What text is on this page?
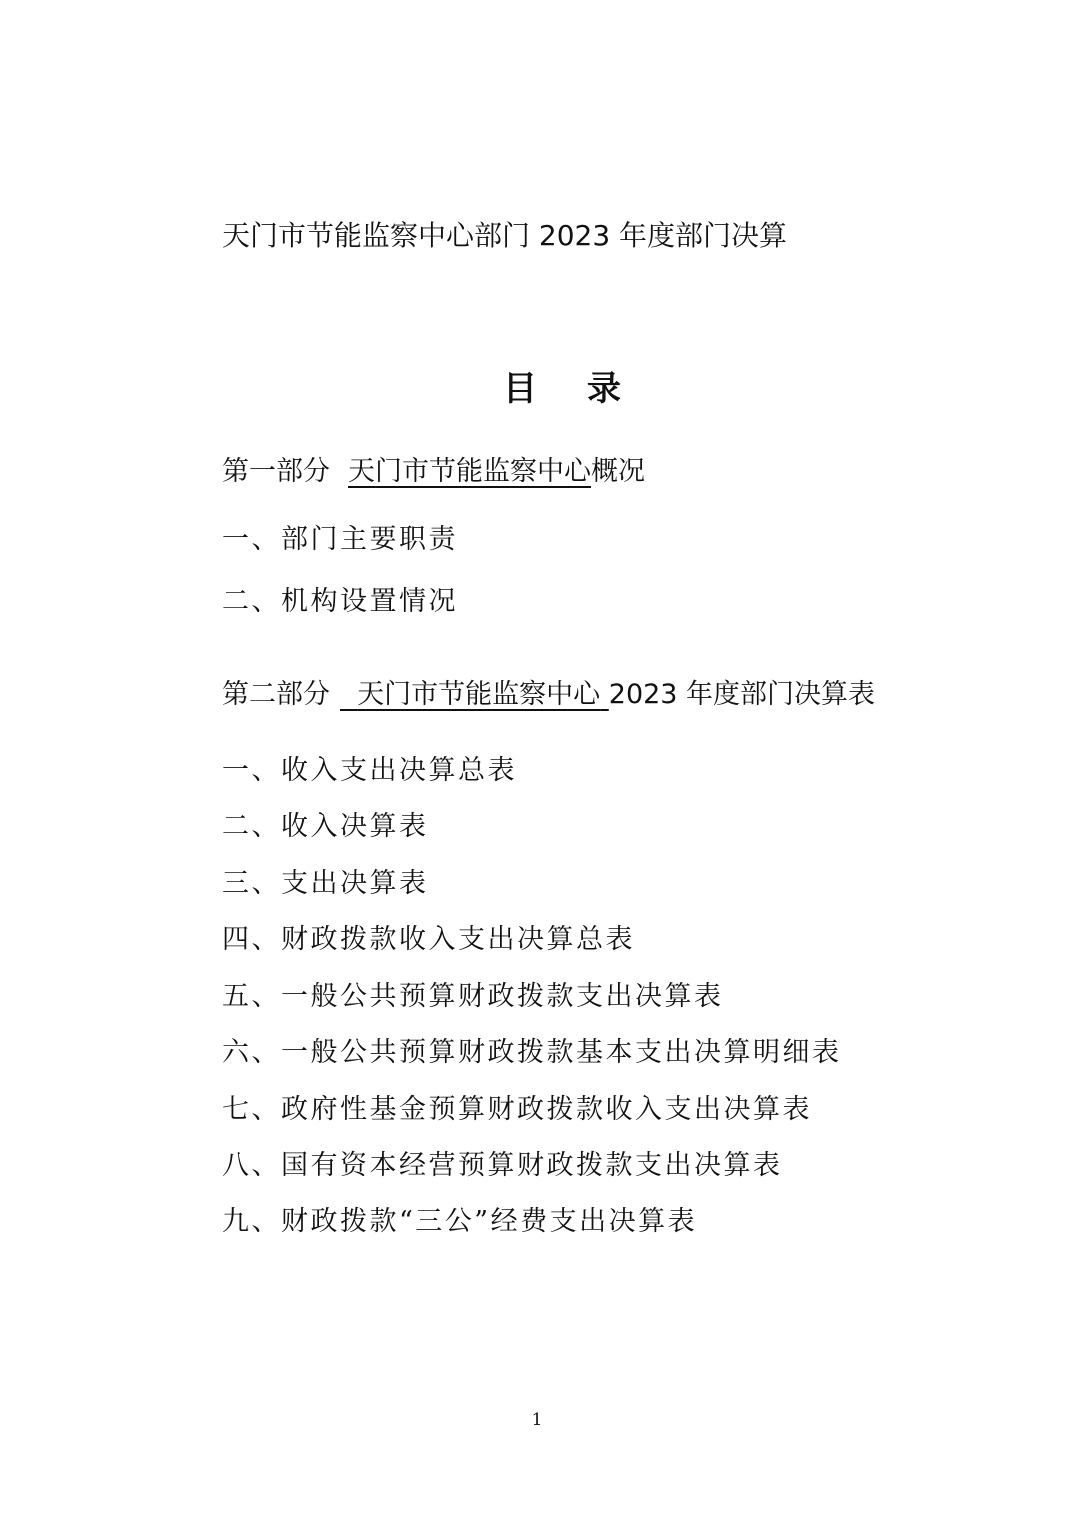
天门市节能监察中心部门 2023 年度部门决算
目录
第一部分 天门市节能监察中心概况
一、部门主要职责
二、机构设置情况
第二部分 天门市节能监察中心 2023 年度部门决算表
一、收入支出决算总表
二、收入决算表
三、支出决算表
四、财政拨款收入支出决算总表
五、一般公共预算财政拨款支出决算表
六、一般公共预算财政拨款基本支出决算明细表
七、政府性基金预算财政拨款收入支出决算表
八、国有资本经营预算财政拨款支出决算表
九、财政拨款“三公”经费支出决算表
1
